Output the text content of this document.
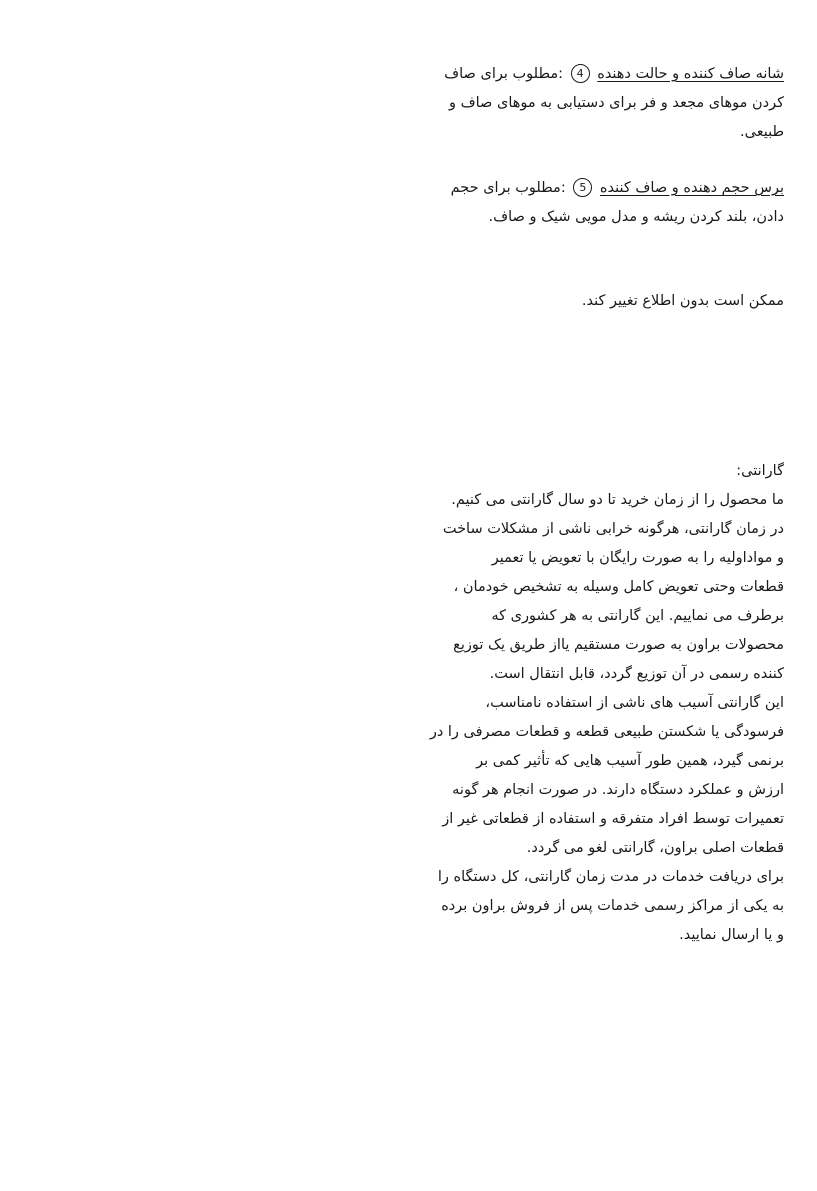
شانه صاف کننده و حالت دهنده 4 :مطلوب برای صاف
کردن موهای مجعد و فر برای دستیابی به موهای صاف و
طبیعی.
برس حجم دهنده و صاف کننده 5 :مطلوب برای حجم
دادن، بلند کردن ریشه و مدل مویی شیک و صاف.
ممکن است بدون اطلاع تغییر کند.
گارانتی:
ما محصول را از زمان خرید تا دو سال گارانتی می کنیم.
در زمان گارانتی، هرگونه خرابی ناشی از مشکلات ساخت
و مواداولیه را به صورت رایگان با تعویض یا تعمیر
قطعات وحتی تعویض کامل وسیله به تشخیص خودمان ،
برطرف می نماییم. این گارانتی به هر کشوری که
محصولات براون به صورت مستقیم یااز طریق یک توزیع
کننده رسمی در آن توزیع گردد، قابل انتقال است.
این گارانتی آسیب های ناشی از استفاده نامناسب،
فرسودگی یا شکستن طبیعی قطعه و قطعات مصرفی را در
برنمی گیرد، همین طور آسیب هایی که تأثیر کمی بر
ارزش و عملکرد دستگاه دارند. در صورت انجام هر گونه
تعمیرات توسط افراد متفرقه و استفاده از قطعاتی غیر از
قطعات اصلی براون، گارانتی لغو می گردد.
برای دریافت خدمات در مدت زمان گارانتی، کل دستگاه را
به یکی از مراکز رسمی خدمات پس از فروش براون برده
و یا ارسال نمایید.
